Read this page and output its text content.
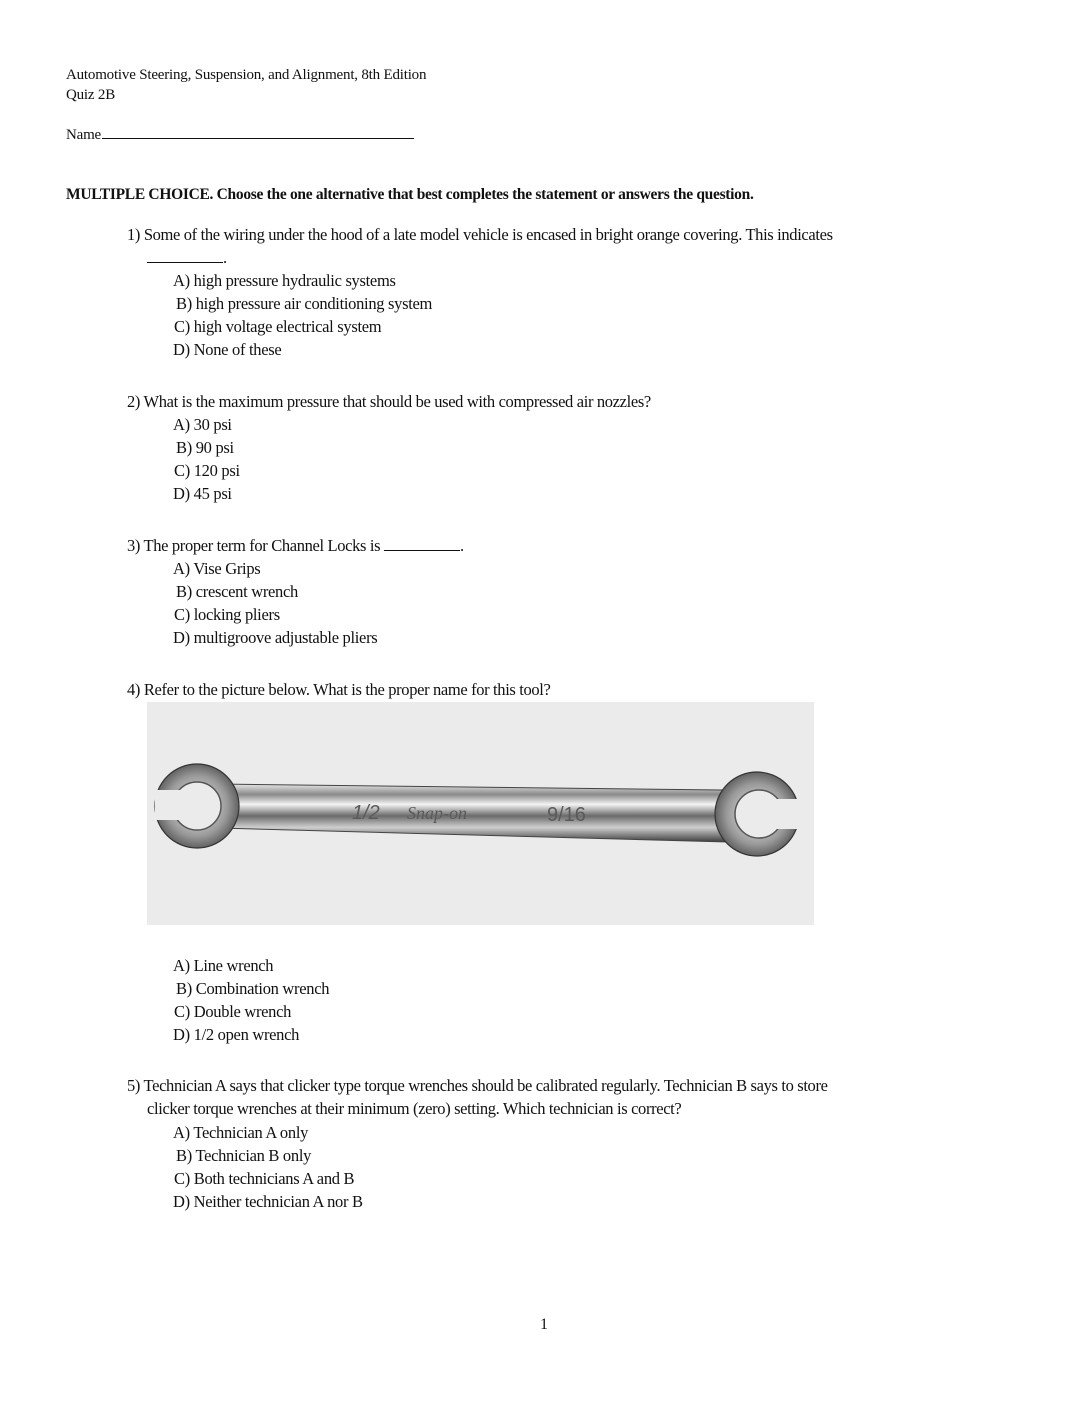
Automotive Steering, Suspension, and Alignment, 8th Edition
Quiz 2B
Name
MULTIPLE CHOICE. Choose the one alternative that best completes the statement or answers the question.
1) Some of the wiring under the hood of a late model vehicle is encased in bright orange covering. This indicates
.
A) high pressure hydraulic systems
B) high pressure air conditioning system
C) high voltage electrical system
D) None of these
2) What is the maximum pressure that should be used with compressed air nozzles?
A) 30 psi
B) 90 psi
C) 120 psi
D) 45 psi
3) The proper term for Channel Locks is	.
A) Vise Grips
B) crescent wrench
C) locking pliers
D) multigroove adjustable pliers
4) Refer to the picture below. What is the proper name for this tool?
1/2 Snap-on	9/16
A) Line wrench
B) Combination wrench
C) Double wrench
D) 1/2 open wrench
5) Technician A says that clicker type torque wrenches should be calibrated regularly. Technician B says to store
clicker torque wrenches at their minimum (zero) setting. Which technician is correct?
A) Technician A only
B) Technician B only
C) Both technicians A and B
D) Neither technician A nor B
1
